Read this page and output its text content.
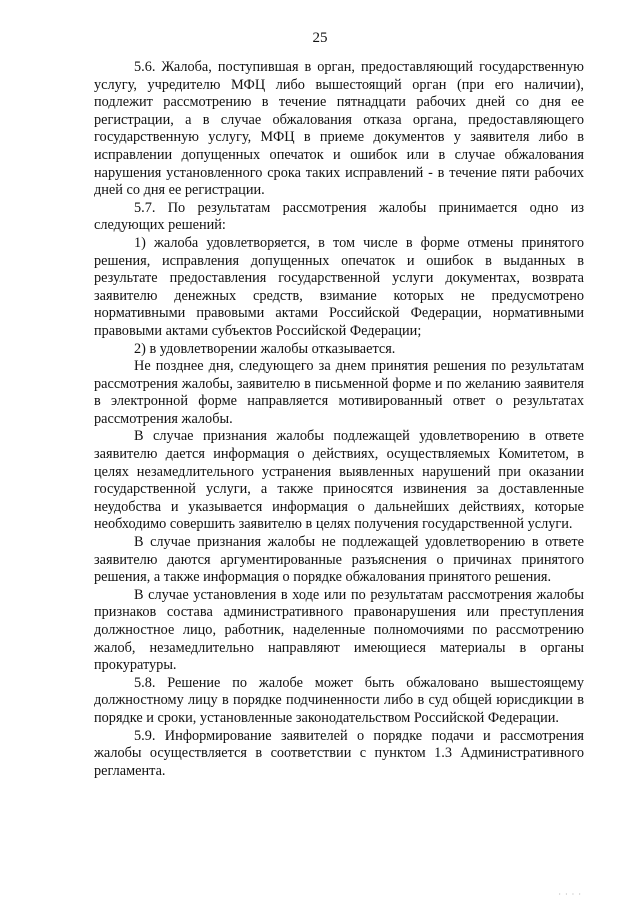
25

5.6. Жалоба, поступившая в орган, предоставляющий государственную услугу, учредителю МФЦ либо вышестоящий орган (при его наличии), подлежит рассмотрению в течение пятнадцати рабочих дней со дня ее регистрации, а в случае обжалования отказа органа, предоставляющего государственную услугу, МФЦ в приеме документов у заявителя либо в исправлении допущенных опечаток и ошибок или в случае обжалования нарушения установленного срока таких исправлений - в течение пяти рабочих дней со дня ее регистрации.

5.7. По результатам рассмотрения жалобы принимается одно из следующих решений:

1) жалоба удовлетворяется, в том числе в форме отмены принятого решения, исправления допущенных опечаток и ошибок в выданных в результате предоставления государственной услуги документах, возврата заявителю денежных средств, взимание которых не предусмотрено нормативными правовыми актами Российской Федерации, нормативными правовыми актами субъектов Российской Федерации;

2) в удовлетворении жалобы отказывается.

Не позднее дня, следующего за днем принятия решения по результатам рассмотрения жалобы, заявителю в письменной форме и по желанию заявителя в электронной форме направляется мотивированный ответ о результатах рассмотрения жалобы.

В случае признания жалобы подлежащей удовлетворению в ответе заявителю дается информация о действиях, осуществляемых Комитетом, в целях незамедлительного устранения выявленных нарушений при оказании государственной услуги, а также приносятся извинения за доставленные неудобства и указывается информация о дальнейших действиях, которые необходимо совершить заявителю в целях получения государственной услуги.

В случае признания жалобы не подлежащей удовлетворению в ответе заявителю даются аргументированные разъяснения о причинах принятого решения, а также информация о порядке обжалования принятого решения.

В случае установления в ходе или по результатам рассмотрения жалобы признаков состава административного правонарушения или преступления должностное лицо, работник, наделенные полномочиями по рассмотрению жалоб, незамедлительно направляют имеющиеся материалы в органы прокуратуры.

5.8. Решение по жалобе может быть обжаловано вышестоящему должностному лицу в порядке подчиненности либо в суд общей юрисдикции в порядке и сроки, установленные законодательством Российской Федерации.

5.9. Информирование заявителей о порядке подачи и рассмотрения жалобы осуществляется в соответствии с пунктом 1.3 Административного регламента.

· · · ·
